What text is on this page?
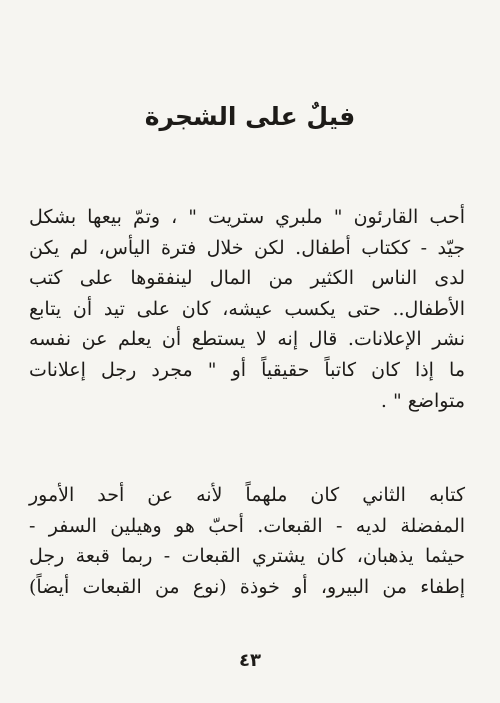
فيلٌ على الشجرة
أحب القارئون " ملبري ستريت " ، وتمّ بيعها بشكل
جيّد - ككتاب أطفال. لكن خلال فترة اليأس، لم يكن
لدى الناس الكثير من المال لينفقوها على كتب
الأطفال.. حتى يكسب عيشه، كان على تيد أن يتابع
نشر الإعلانات. قال إنه لا يستطع أن يعلم عن نفسه
ما إذا كان كاتباً حقيقياً أو " مجرد رجل إعلانات
متواضع " .
كتابه الثاني كان ملهماً لأنه عن أحد الأمور
المفضلة لديه - القبعات. أحبّ هو وهيلين السفر -
حيثما يذهبان، كان يشتري القبعات - ربما قبعة رجل
إطفاء من البيرو، أو خوذة (نوع من القبعات أيضاً)
٤٣
